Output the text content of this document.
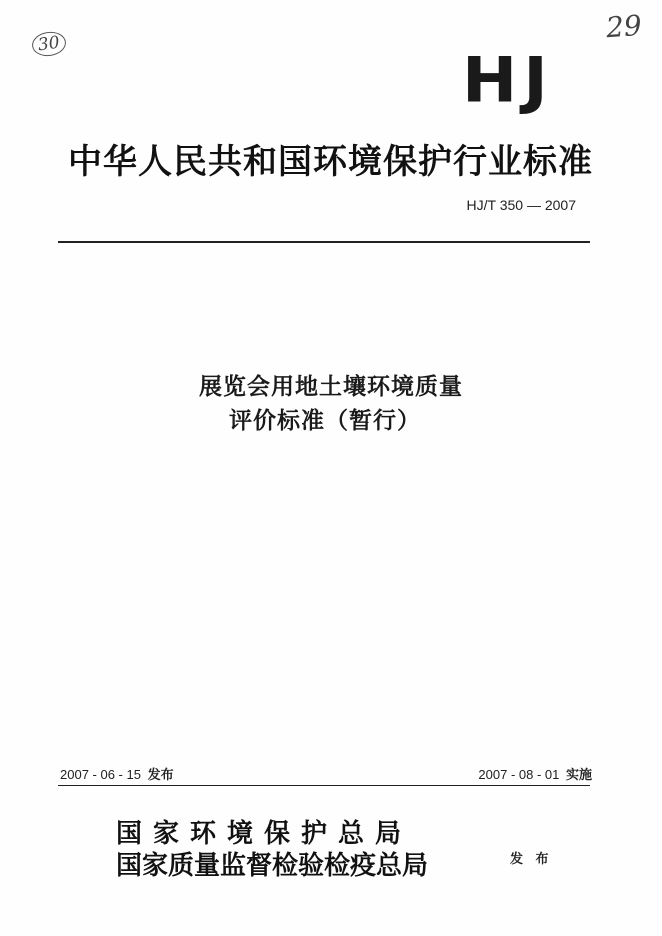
30	29
HJ
中华人民共和国环境保护行业标准
HJ/T 350 — 2007
展览会用地土壤环境质量
评价标准（暂行）
2007 - 06 - 15 发布	2007 - 08 - 01 实施
国家环境保护总局
国家质量监督检验检疫总局	发 布
